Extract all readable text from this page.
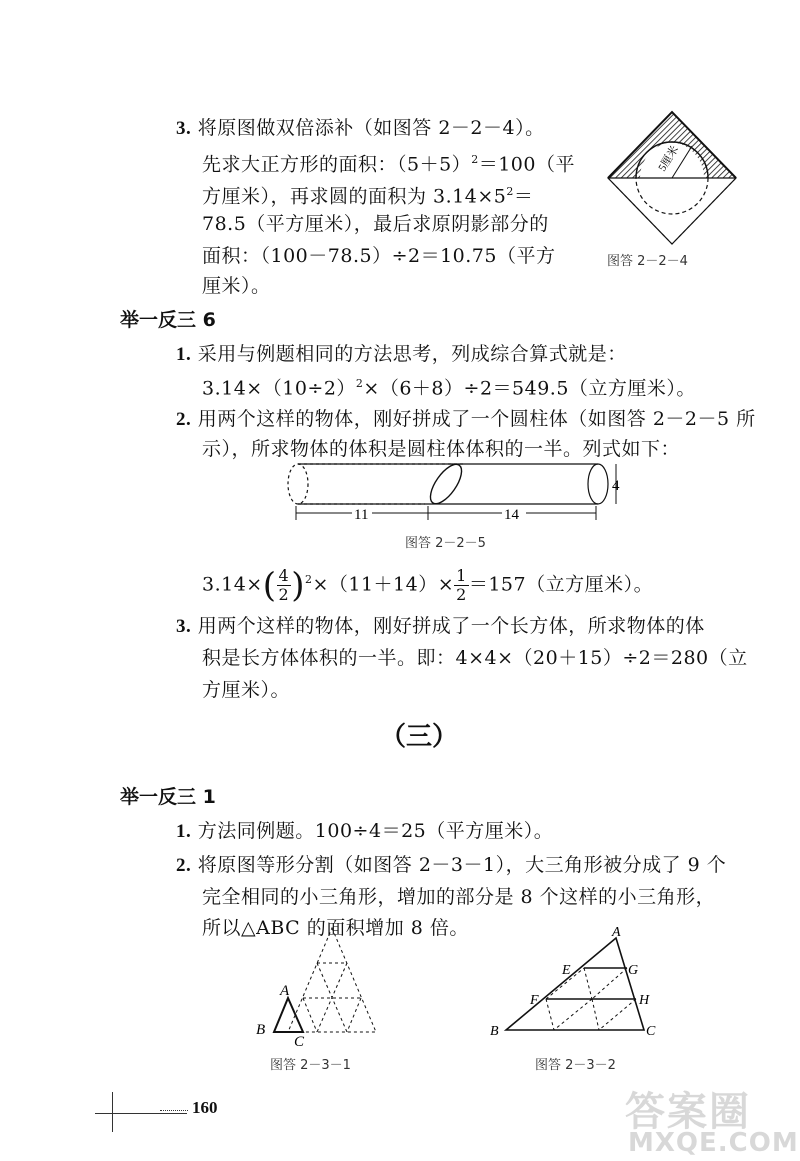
3. 将原图做双倍添补（如图答 2－2－4）。
先求大正方形的面积：$(5+5)^2=100$（平
方厘米），再求圆的面积为 $3.14\times 5^2=$
78.5（平方厘米），最后求原阴影部分的
面积：（100－78.5）÷2＝10.75（平方
厘米）。
5厘米
图答 2－2－4
举一反三 6
1. 采用与例题相同的方法思考，列成综合算式就是：
$3.14\times(10\div 2)^2\times(6+8)\div 2=549.5$（立方厘米）。
2. 用两个这样的物体，刚好拼成了一个圆柱体（如图答 2－2－5 所
示），所求物体的体积是圆柱体体积的一半。列式如下：
4
11	14
图答 2－2－5
$3.14\times( \frac{4}{2} )^2\times(11+14)\times \frac{1}{2} =157$（立方厘米）。
3. 用两个这样的物体，刚好拼成了一个长方体，所求物体的体
积是长方体体积的一半。即：4×4×（20＋15）÷2＝280（立
方厘米）。
（三）
举一反三 1
1. 方法同例题。100÷4＝25（平方厘米）。
2. 将原图等形分割（如图答 2－3－1），大三角形被分成了 9 个
完全相同的小三角形，增加的部分是 8 个这样的小三角形，
所以△ABC 的面积增加 8 倍。
A
B
C
图答 2－3－1
A
E	G
F	H
B	C
图答 2－3－2
160	答案圈
MXQE.COM
